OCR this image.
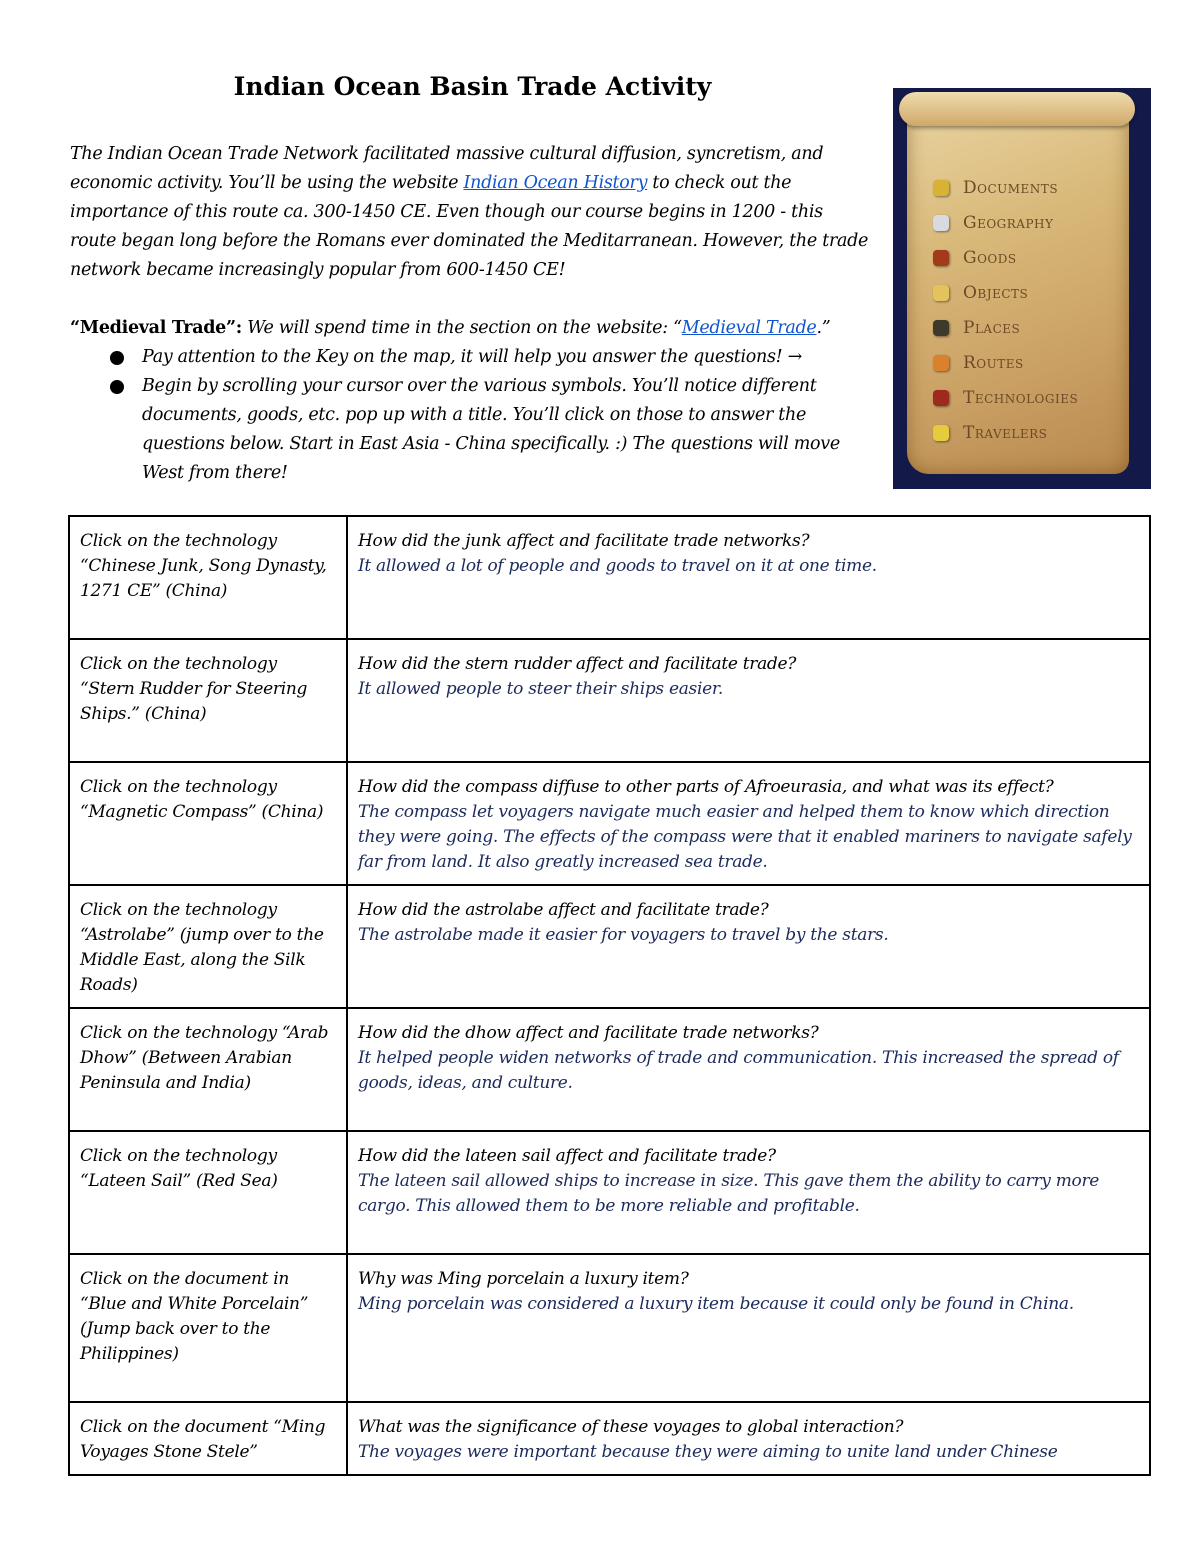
Indian Ocean Basin Trade Activity
The Indian Ocean Trade Network facilitated massive cultural diffusion, syncretism, and economic activity. You’ll be using the website Indian Ocean History to check out the importance of this route ca. 300-1450 CE. Even though our course begins in 1200 - this route began long before the Romans ever dominated the Meditarranean. However, the trade network became increasingly popular from 600-1450 CE!
“Medieval Trade”: We will spend time in the section on the website: “Medieval Trade.”
Pay attention to the Key on the map, it will help you answer the questions! →
Begin by scrolling your cursor over the various symbols. You’ll notice different documents, goods, etc. pop up with a title. You’ll click on those to answer the questions below. Start in East Asia - China specifically. :) The questions will move West from there!
Documents
Geography
Goods
Objects
Places
Routes
Technologies
Travelers
Click on the technology “Chinese Junk, Song Dynasty, 1271 CE” (China)	How did the junk affect and facilitate trade networks?
It allowed a lot of people and goods to travel on it at one time.

Click on the technology “Stern Rudder for Steering Ships.” (China)	How did the stern rudder affect and facilitate trade?
It allowed people to steer their ships easier.

Click on the technology “Magnetic Compass” (China)	How did the compass diffuse to other parts of Afroeurasia, and what was its effect?
The compass let voyagers navigate much easier and helped them to know which direction they were going. The effects of the compass were that it enabled mariners to navigate safely far from land. It also greatly increased sea trade.

Click on the technology “Astrolabe” (jump over to the Middle East, along the Silk Roads)	How did the astrolabe affect and facilitate trade?
The astrolabe made it easier for voyagers to travel by the stars.

Click on the technology “Arab Dhow” (Between Arabian Peninsula and India)	How did the dhow affect and facilitate trade networks?
It helped people widen networks of trade and communication. This increased the spread of goods, ideas, and culture.

Click on the technology “Lateen Sail” (Red Sea)	How did the lateen sail affect and facilitate trade?
The lateen sail allowed ships to increase in size. This gave them the ability to carry more cargo. This allowed them to be more reliable and profitable.

Click on the document in “Blue and White Porcelain” (Jump back over to the Philippines)	Why was Ming porcelain a luxury item?
Ming porcelain was considered a luxury item because it could only be found in China.

Click on the document “Ming Voyages Stone Stele”	What was the significance of these voyages to global interaction?
The voyages were important because they were aiming to unite land under Chinese
